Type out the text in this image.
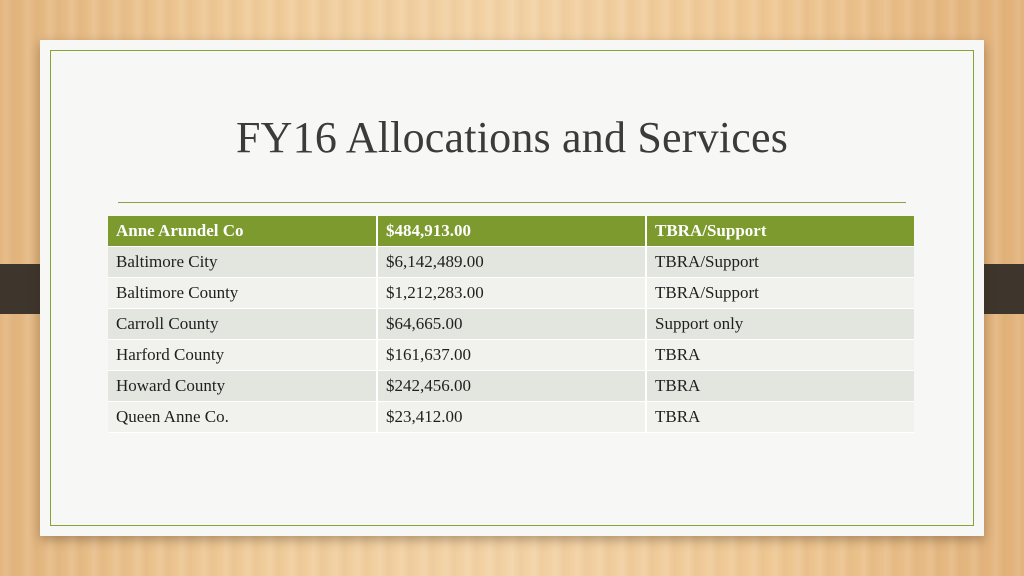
FY16 Allocations and Services
Anne Arundel Co	$484,913.00	TBRA/Support
Baltimore City	$6,142,489.00	TBRA/Support
Baltimore County	$1,212,283.00	TBRA/Support
Carroll County	$64,665.00	Support only
Harford County	$161,637.00	TBRA
Howard County	$242,456.00	TBRA
Queen Anne Co.	$23,412.00	TBRA
